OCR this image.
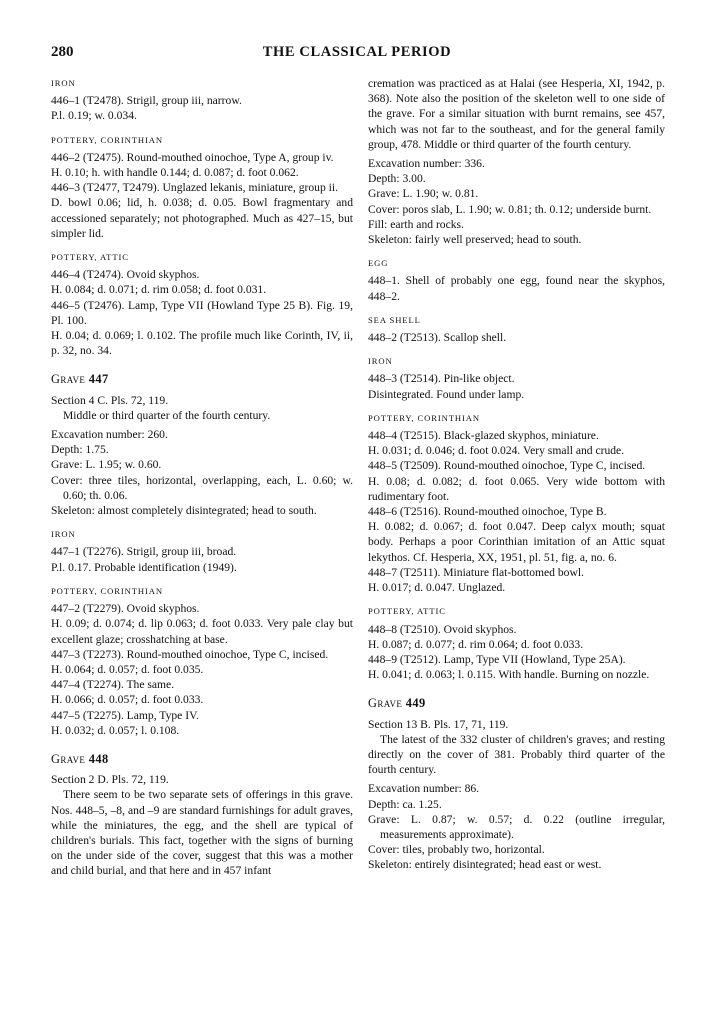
280	THE CLASSICAL PERIOD
IRON
446–1 (T2478). Strigil, group iii, narrow.
P.l. 0.19; w. 0.034.
POTTERY, CORINTHIAN
446–2 (T2475). Round-mouthed oinochoe, Type A, group iv.
H. 0.10; h. with handle 0.144; d. 0.087; d. foot 0.062.
446–3 (T2477, T2479). Unglazed lekanis, miniature, group ii.
D. bowl 0.06; lid, h. 0.038; d. 0.05. Bowl fragmentary and accessioned separately; not photographed. Much as 427–15, but simpler lid.
POTTERY, ATTIC
446–4 (T2474). Ovoid skyphos.
H. 0.084; d. 0.071; d. rim 0.058; d. foot 0.031.
446–5 (T2476). Lamp, Type VII (Howland Type 25 B). Fig. 19, Pl. 100.
H. 0.04; d. 0.069; l. 0.102. The profile much like Corinth, IV, ii, p. 32, no. 34.
Grave 447
Section 4 C. Pls. 72, 119.
Middle or third quarter of the fourth century.
Excavation number: 260.
Depth: 1.75.
Grave: L. 1.95; w. 0.60.
Cover: three tiles, horizontal, overlapping, each, L. 0.60; w. 0.60; th. 0.06.
Skeleton: almost completely disintegrated; head to south.
IRON
447–1 (T2276). Strigil, group iii, broad.
P.l. 0.17. Probable identification (1949).
POTTERY, CORINTHIAN
447–2 (T2279). Ovoid skyphos.
H. 0.09; d. 0.074; d. lip 0.063; d. foot 0.033. Very pale clay but excellent glaze; crosshatching at base.
447–3 (T2273). Round-mouthed oinochoe, Type C, incised.
H. 0.064; d. 0.057; d. foot 0.035.
447–4 (T2274). The same.
H. 0.066; d. 0.057; d. foot 0.033.
447–5 (T2275). Lamp, Type IV.
H. 0.032; d. 0.057; l. 0.108.
Grave 448
Section 2 D. Pls. 72, 119.
There seem to be two separate sets of offerings in this grave. Nos. 448–5, –8, and –9 are standard furnishings for adult graves, while the miniatures, the egg, and the shell are typical of children's burials. This fact, together with the signs of burning on the under side of the cover, suggest that this was a mother and child burial, and that here and in 457 infant
cremation was practiced as at Halai (see Hesperia, XI, 1942, p. 368). Note also the position of the skeleton well to one side of the grave. For a similar situation with burnt remains, see 457, which was not far to the southeast, and for the general family group, 478. Middle or third quarter of the fourth century.
Excavation number: 336.
Depth: 3.00.
Grave: L. 1.90; w. 0.81.
Cover: poros slab, L. 1.90; w. 0.81; th. 0.12; underside burnt.
Fill: earth and rocks.
Skeleton: fairly well preserved; head to south.
EGG
448–1. Shell of probably one egg, found near the skyphos, 448–2.
SEA SHELL
448–2 (T2513). Scallop shell.
IRON
448–3 (T2514). Pin-like object.
Disintegrated. Found under lamp.
POTTERY, CORINTHIAN
448–4 (T2515). Black-glazed skyphos, miniature.
H. 0.031; d. 0.046; d. foot 0.024. Very small and crude.
448–5 (T2509). Round-mouthed oinochoe, Type C, incised.
H. 0.08; d. 0.082; d. foot 0.065. Very wide bottom with rudimentary foot.
448–6 (T2516). Round-mouthed oinochoe, Type B.
H. 0.082; d. 0.067; d. foot 0.047. Deep calyx mouth; squat body. Perhaps a poor Corinthian imitation of an Attic squat lekythos. Cf. Hesperia, XX, 1951, pl. 51, fig. a, no. 6.
448–7 (T2511). Miniature flat-bottomed bowl.
H. 0.017; d. 0.047. Unglazed.
POTTERY, ATTIC
448–8 (T2510). Ovoid skyphos.
H. 0.087; d. 0.077; d. rim 0.064; d. foot 0.033.
448–9 (T2512). Lamp, Type VII (Howland, Type 25A).
H. 0.041; d. 0.063; l. 0.115. With handle. Burning on nozzle.
Grave 449
Section 13 B. Pls. 17, 71, 119.
The latest of the 332 cluster of children's graves; and resting directly on the cover of 381. Probably third quarter of the fourth century.
Excavation number: 86.
Depth: ca. 1.25.
Grave: L. 0.87; w. 0.57; d. 0.22 (outline irregular, measurements approximate).
Cover: tiles, probably two, horizontal.
Skeleton: entirely disintegrated; head east or west.
